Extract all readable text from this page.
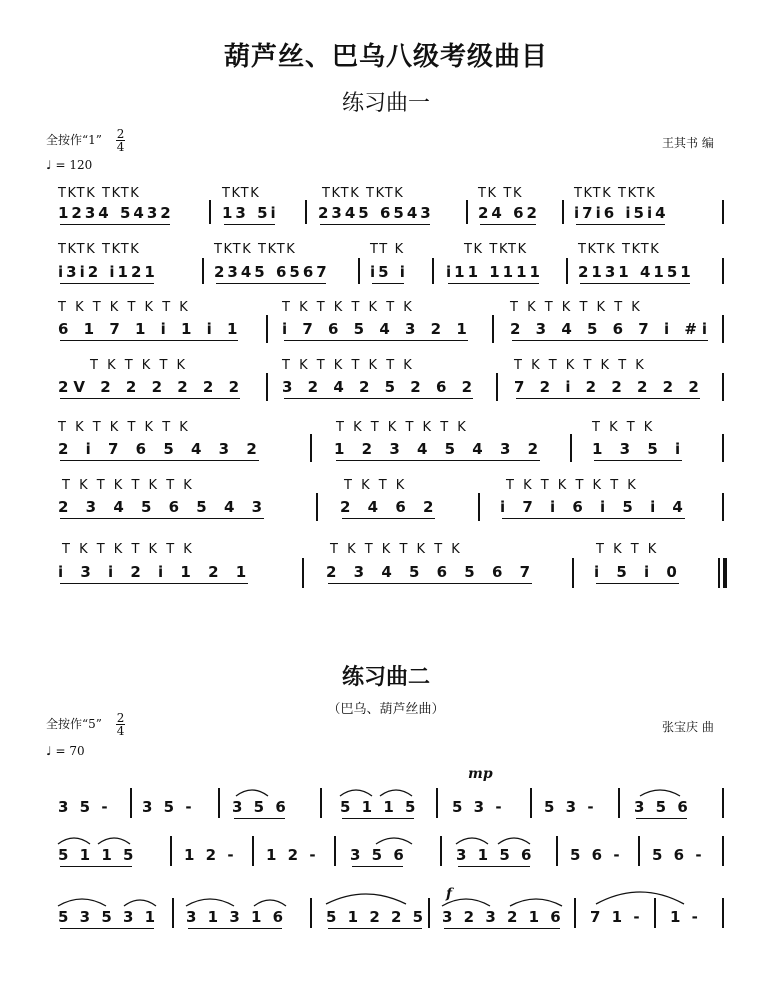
葫芦丝、巴乌八级考级曲目
练习曲一
全按作“1” $\frac{2}{4}$
♩ = 120
王其书 编
TKTK TKTK	TKTK	TKTK TKTK	TK TK	TKTK TKTK
1234 5432	13 5i	2345 6543	24 62 i7i6 i5i4
TKTK TKTK	TKTK TKTK	TT K	TK TKTK	TKTK TKTK
i3i2 i121	2345 6567	i5 i	i11 1111 2131 4151
T K T K T K T K	T K T K T K T K	T K T K T K T K
6 1 7 1 i 1 i 1	i 7 6 5 4 3 2 1	2 3 4 5 6 7 i #i
T K T K T K	T K T K T K T K	T K T K T K T K
2V 2 2 2 2 2 2	3 2 4 2 5 2 6 2 7 2 i 2 2 2 2 2
T K T K T K T K	T K T K T K T K	T K T K
2 i 7 6 5 4 3 2	1 2 3 4 5 4 3 2	1 3 5 i
T K T K T K T K	T K T K	T K T K T K T K
2 3 4 5 6 5 4 3	2 4 6 2	i 7 i 6 i 5 i 4
T K T K T K T K	T K T K T K T K	T K T K
i 3 i 2 i 1 2 1	2 3 4 5 6 5 6 7	i 5 i 0
练习曲二
（巴乌、葫芦丝曲）
全按作“5” $\frac{2}{4}$
♩ = 70
张宝庆 曲
mp
f
3 5 - 3 5 - 3 5 6	5 1 1 5 5 3 -	5 3 - 3 5 6
5 1 1 5	1 2 - 1 2 - 3 5 6	3 1 5 6 5 6 - 5 6 -
5 3 5 3 1 3 1 3 1 6	5 1 2 2 5 3 2 3 2 1 6 7 1 - 1 -
